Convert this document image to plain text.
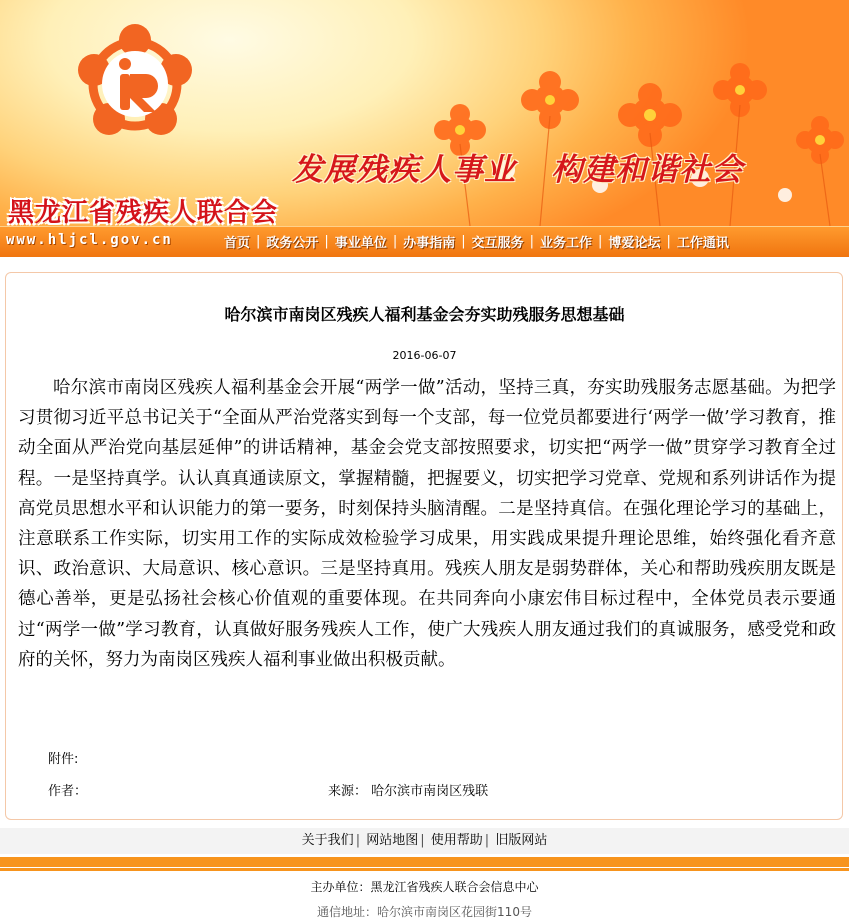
发展残疾人事业   构建和谐社会
黑龙江省残疾人联合会
www.hljcl.gov.cn	首页 | 政务公开 | 事业单位 | 办事指南 | 交互服务 | 业务工作 | 博爱论坛 | 工作通讯
哈尔滨市南岗区残疾人福利基金会夯实助残服务思想基础
2016-06-07

哈尔滨市南岗区残疾人福利基金会开展“两学一做”活动，坚持三真，夯实助残服务志愿基础。为把学习贯彻习近平总书记关于“全面从严治党落实到每一个支部，每一位党员都要进行‘两学一做’学习教育，推动全面从严治党向基层延伸”的讲话精神，基金会党支部按照要求，切实把“两学一做”贯穿学习教育全过程。一是坚持真学。认认真真通读原文，掌握精髓，把握要义，切实把学习党章、党规和系列讲话作为提高党员思想水平和认识能力的第一要务，时刻保持头脑清醒。二是坚持真信。在强化理论学习的基础上，注意联系工作实际，切实用工作的实际成效检验学习成果，用实践成果提升理论思维，始终强化看齐意识、政治意识、大局意识、核心意识。三是坚持真用。残疾人朋友是弱势群体，关心和帮助残疾朋友既是德心善举，更是弘扬社会核心价值观的重要体现。在共同奔向小康宏伟目标过程中，全体党员表示要通过“两学一做”学习教育，认真做好服务残疾人工作，使广大残疾人朋友通过我们的真诚服务，感受党和政府的关怀，努力为南岗区残疾人福利事业做出积极贡献。

附件:
作者：	来源： 哈尔滨市南岗区残联
关于我们 | 网站地图 | 使用帮助 | 旧版网站
主办单位：黑龙江省残疾人联合会信息中心
通信地址：哈尔滨市南岗区花园街110号
